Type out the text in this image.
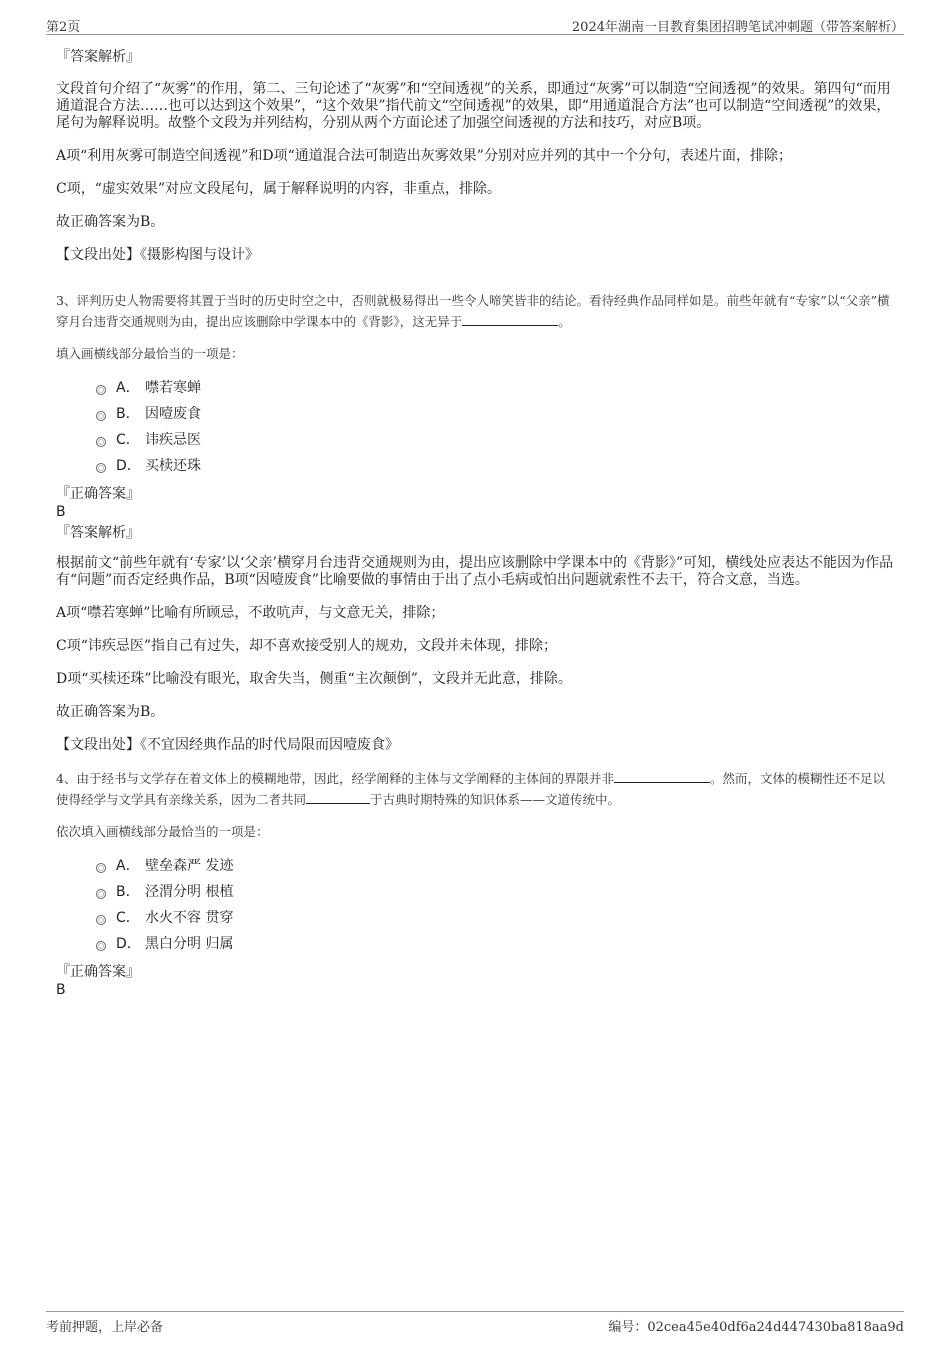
第2页	2024年湖南一目教育集团招聘笔试冲刺题（带答案解析）

『答案解析』

文段首句介绍了“灰雾”的作用，第二、三句论述了“灰雾”和“空间透视”的关系，即通过“灰雾”可以制造“空间透视”的效果。第四句“而用通道混合方法……也可以达到这个效果”，“这个效果”指代前文“空间透视”的效果，即“用通道混合方法”也可以制造“空间透视”的效果，尾句为解释说明。故整个文段为并列结构，分别从两个方面论述了加强空间透视的方法和技巧，对应B项。

A项“利用灰雾可制造空间透视”和D项“通道混合法可制造出灰雾效果”分别对应并列的其中一个分句，表述片面，排除；

C项，“虚实效果”对应文段尾句，属于解释说明的内容，非重点，排除。

故正确答案为B。

【文段出处】《摄影构图与设计》

3、评判历史人物需要将其置于当时的历史时空之中，否则就极易得出一些令人啼笑皆非的结论。看待经典作品同样如是。前些年就有“专家”以“父亲”横穿月台违背交通规则为由，提出应该删除中学课本中的《背影》，这无异于	。

填入画横线部分最恰当的一项是：

A． 噤若寒蝉
B． 因噎废食
C． 讳疾忌医
D． 买椟还珠

『正确答案』

B

『答案解析』

根据前文“前些年就有‘专家’以‘父亲’横穿月台违背交通规则为由，提出应该删除中学课本中的《背影》”可知，横线处应表达不能因为作品有“问题”而否定经典作品，B项“因噎废食”比喻要做的事情由于出了点小毛病或怕出问题就索性不去干，符合文意，当选。

A项“噤若寒蝉”比喻有所顾忌，不敢吭声，与文意无关，排除；

C项“讳疾忌医”指自己有过失，却不喜欢接受别人的规劝，文段并未体现，排除；

D项“买椟还珠”比喻没有眼光，取舍失当，侧重“主次颠倒”，文段并无此意，排除。

故正确答案为B。

【文段出处】《不宜因经典作品的时代局限而因噎废食》

4、由于经书与文学存在着文体上的模糊地带，因此，经学阐释的主体与文学阐释的主体间的界限并非	。然而，文体的模糊性还不足以使得经学与文学具有亲缘关系，因为二者共同	于古典时期特殊的知识体系——文道传统中。

依次填入画横线部分最恰当的一项是：

A． 壁垒森严 发迹
B． 泾渭分明 根植
C． 水火不容 贯穿
D． 黑白分明 归属

『正确答案』

B

考前押题，上岸必备	编号：02cea45e40df6a24d447430ba818aa9d
